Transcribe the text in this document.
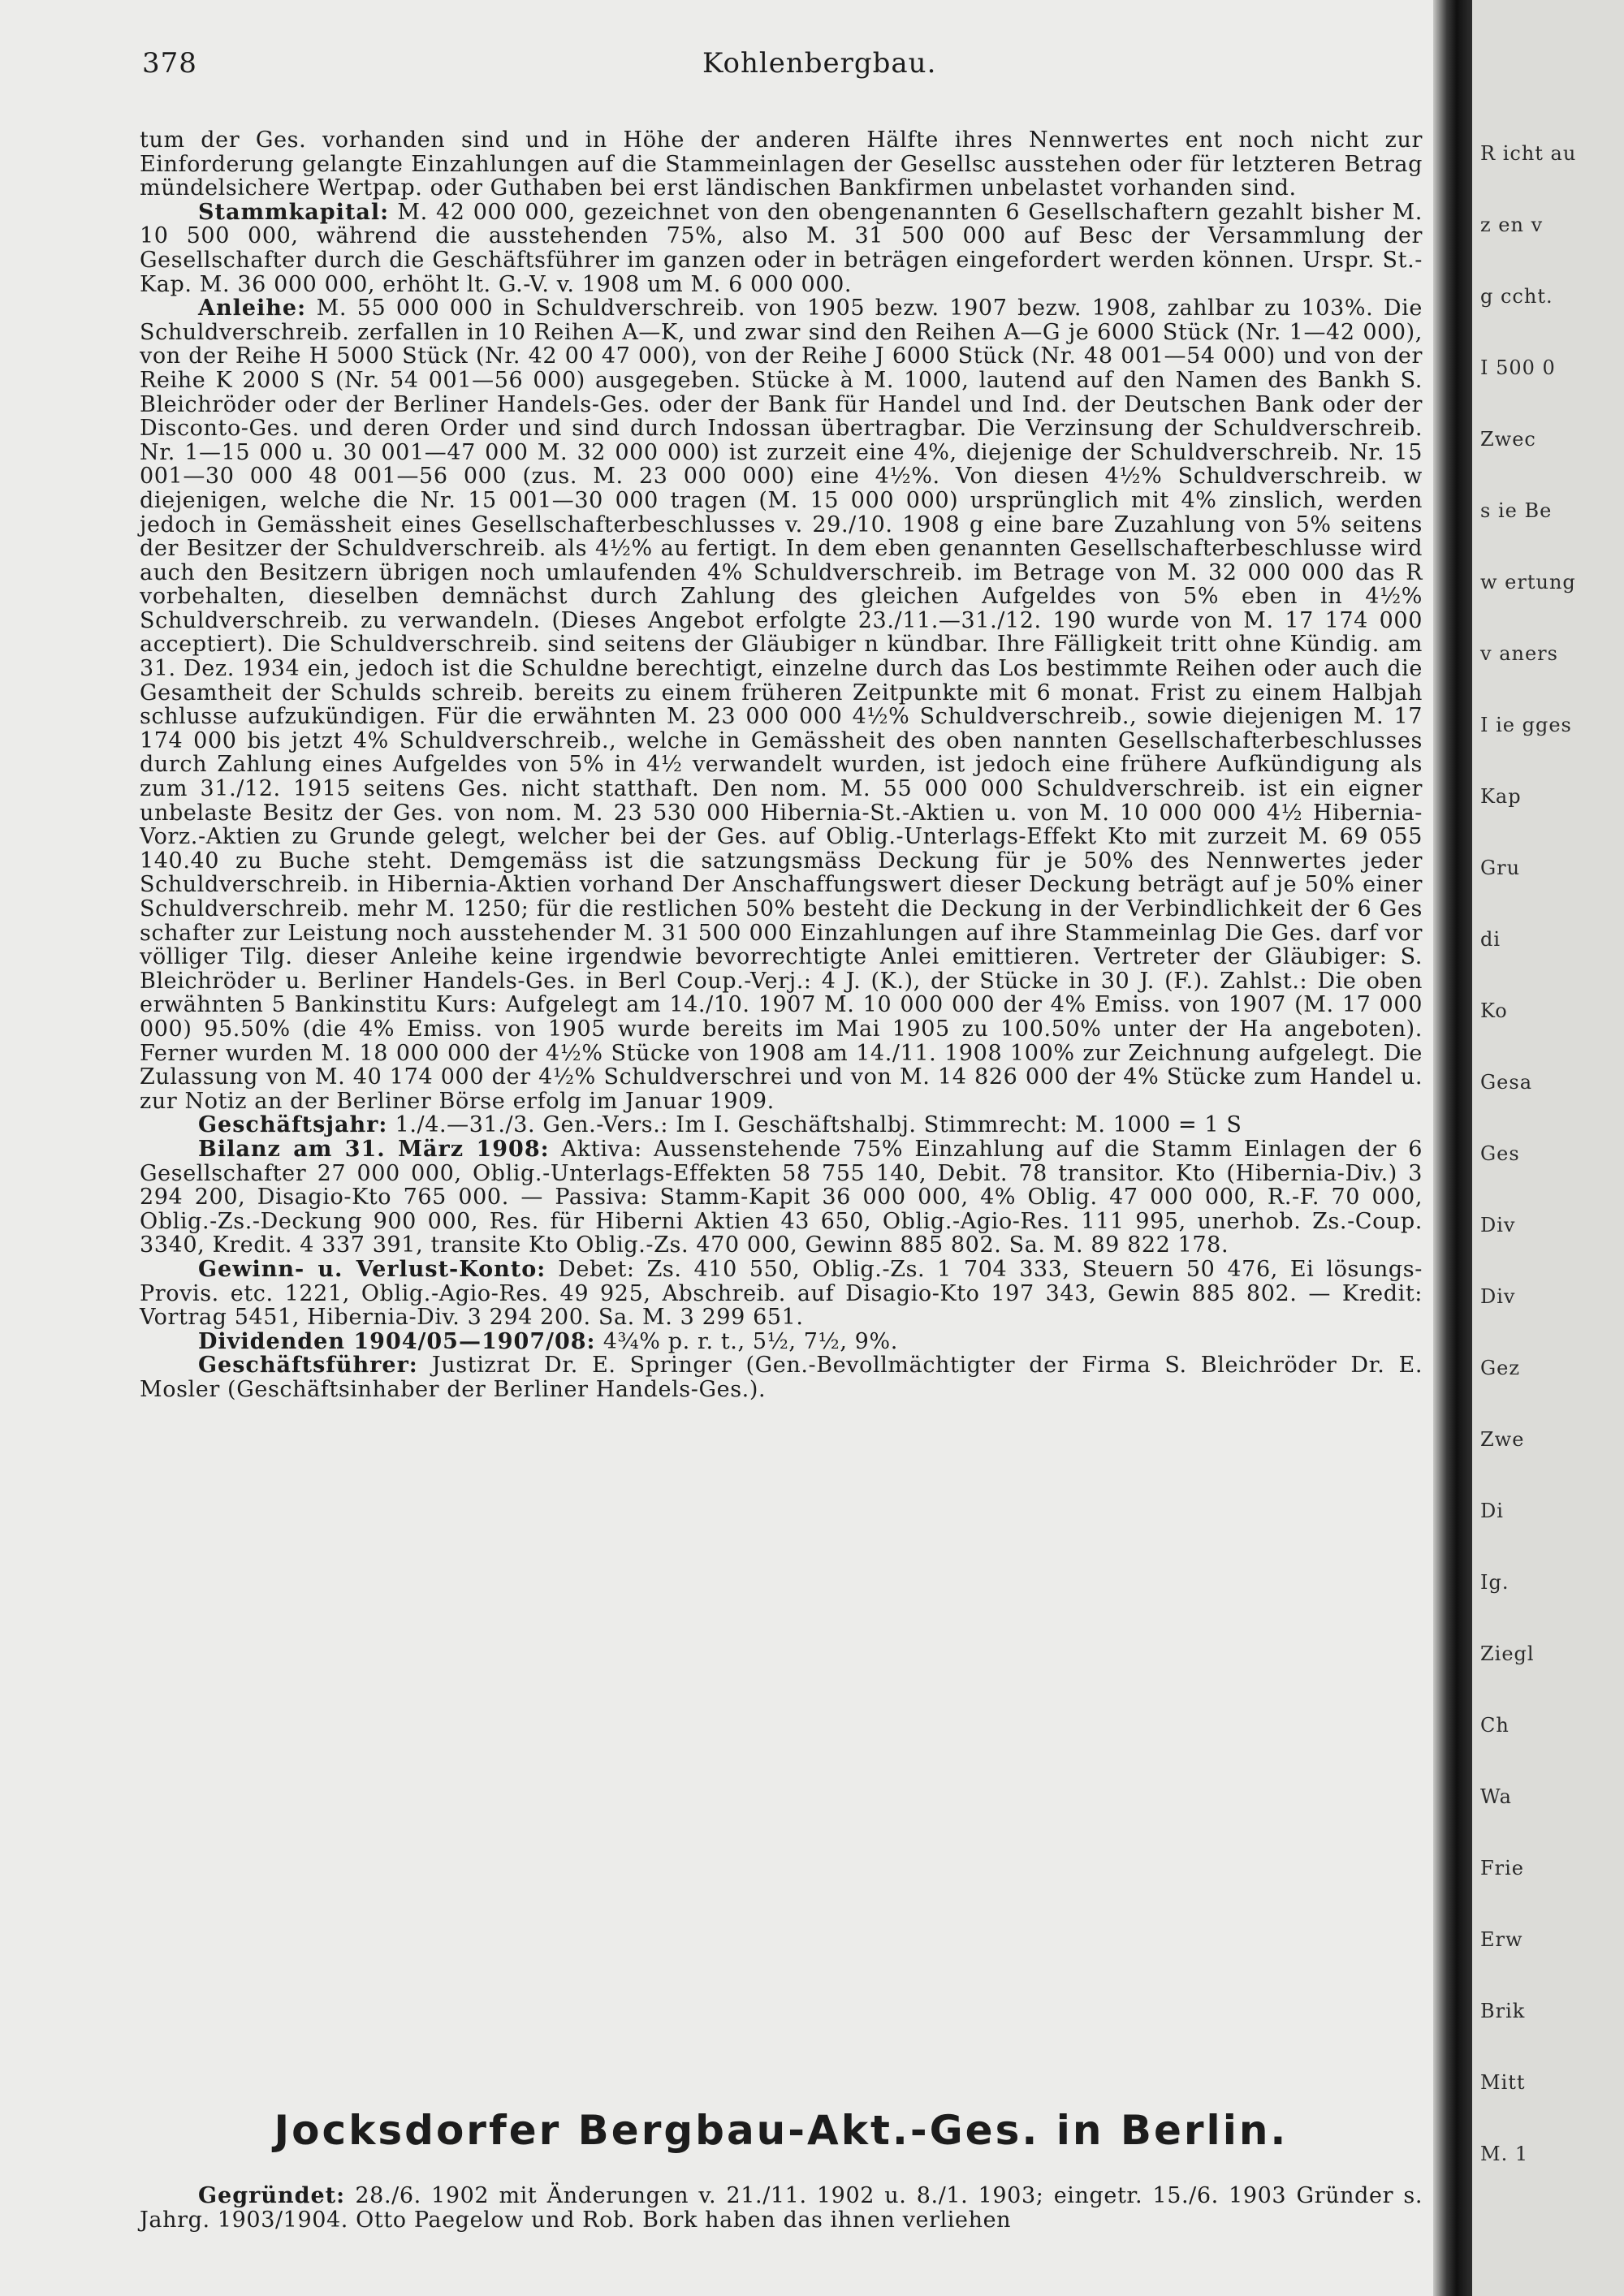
378	Kohlenbergbau.

tum der Ges. vorhanden sind und in Höhe der anderen Hälfte ihres Nennwertes ent noch nicht zur Einforderung gelangte Einzahlungen auf die Stammeinlagen der Gesellsc ausstehen oder für letzteren Betrag mündelsichere Wertpap. oder Guthaben bei erst ländischen Bankfirmen unbelastet vorhanden sind.

Stammkapital: M. 42 000 000, gezeichnet von den obengenannten 6 Gesellschaftern gezahlt bisher M. 10 500 000, während die ausstehenden 75%, also M. 31 500 000 auf Besc der Versammlung der Gesellschafter durch die Geschäftsführer im ganzen oder in beträgen eingefordert werden können. Urspr. St.-Kap. M. 36 000 000, erhöht lt. G.-V. v. 1908 um M. 6 000 000.

Anleihe: M. 55 000 000 in Schuldverschreib. von 1905 bezw. 1907 bezw. 1908, zahlbar zu 103%. Die Schuldverschreib. zerfallen in 10 Reihen A—K, und zwar sind den Reihen A—G je 6000 Stück (Nr. 1—42 000), von der Reihe H 5000 Stück (Nr. 42 00 47 000), von der Reihe J 6000 Stück (Nr. 48 001—54 000) und von der Reihe K 2000 S (Nr. 54 001—56 000) ausgegeben. Stücke à M. 1000, lautend auf den Namen des Bankh S. Bleichröder oder der Berliner Handels-Ges. oder der Bank für Handel und Ind. der Deutschen Bank oder der Disconto-Ges. und deren Order und sind durch Indossan übertragbar. Die Verzinsung der Schuldverschreib. Nr. 1—15 000 u. 30 001—47 000 M. 32 000 000) ist zurzeit eine 4%, diejenige der Schuldverschreib. Nr. 15 001—30 000 48 001—56 000 (zus. M. 23 000 000) eine 4½%. Von diesen 4½% Schuldverschreib. w diejenigen, welche die Nr. 15 001—30 000 tragen (M. 15 000 000) ursprünglich mit 4% zinslich, werden jedoch in Gemässheit eines Gesellschafterbeschlusses v. 29./10. 1908 g eine bare Zuzahlung von 5% seitens der Besitzer der Schuldverschreib. als 4½% au fertigt. In dem eben genannten Gesellschafterbeschlusse wird auch den Besitzern übrigen noch umlaufenden 4% Schuldverschreib. im Betrage von M. 32 000 000 das R vorbehalten, dieselben demnächst durch Zahlung des gleichen Aufgeldes von 5% eben in 4½% Schuldverschreib. zu verwandeln. (Dieses Angebot erfolgte 23./11.—31./12. 190 wurde von M. 17 174 000 acceptiert). Die Schuldverschreib. sind seitens der Gläubiger n kündbar. Ihre Fälligkeit tritt ohne Kündig. am 31. Dez. 1934 ein, jedoch ist die Schuldne berechtigt, einzelne durch das Los bestimmte Reihen oder auch die Gesamtheit der Schulds schreib. bereits zu einem früheren Zeitpunkte mit 6 monat. Frist zu einem Halbjah schlusse aufzukündigen. Für die erwähnten M. 23 000 000 4½% Schuldverschreib., sowie diejenigen M. 17 174 000 bis jetzt 4% Schuldverschreib., welche in Gemässheit des oben nannten Gesellschafterbeschlusses durch Zahlung eines Aufgeldes von 5% in 4½ verwandelt wurden, ist jedoch eine frühere Aufkündigung als zum 31./12. 1915 seitens Ges. nicht statthaft. Den nom. M. 55 000 000 Schuldverschreib. ist ein eigner unbelaste Besitz der Ges. von nom. M. 23 530 000 Hibernia-St.-Aktien u. von M. 10 000 000 4½ Hibernia-Vorz.-Aktien zu Grunde gelegt, welcher bei der Ges. auf Oblig.-Unterlags-Effekt Kto mit zurzeit M. 69 055 140.40 zu Buche steht. Demgemäss ist die satzungsmäss Deckung für je 50% des Nennwertes jeder Schuldverschreib. in Hibernia-Aktien vorhand Der Anschaffungswert dieser Deckung beträgt auf je 50% einer Schuldverschreib. mehr M. 1250; für die restlichen 50% besteht die Deckung in der Verbindlichkeit der 6 Ges schafter zur Leistung noch ausstehender M. 31 500 000 Einzahlungen auf ihre Stammeinlag Die Ges. darf vor völliger Tilg. dieser Anleihe keine irgendwie bevorrechtigte Anlei emittieren. Vertreter der Gläubiger: S. Bleichröder u. Berliner Handels-Ges. in Berl Coup.-Verj.: 4 J. (K.), der Stücke in 30 J. (F.). Zahlst.: Die oben erwähnten 5 Bankinstitu Kurs: Aufgelegt am 14./10. 1907 M. 10 000 000 der 4% Emiss. von 1907 (M. 17 000 000) 95.50% (die 4% Emiss. von 1905 wurde bereits im Mai 1905 zu 100.50% unter der Ha angeboten). Ferner wurden M. 18 000 000 der 4½% Stücke von 1908 am 14./11. 1908 100% zur Zeichnung aufgelegt. Die Zulassung von M. 40 174 000 der 4½% Schuldverschrei und von M. 14 826 000 der 4% Stücke zum Handel u. zur Notiz an der Berliner Börse erfolg im Januar 1909.

Geschäftsjahr: 1./4.—31./3. Gen.-Vers.: Im I. Geschäftshalbj. Stimmrecht: M. 1000 = 1 S

Bilanz am 31. März 1908: Aktiva: Aussenstehende 75% Einzahlung auf die Stamm Einlagen der 6 Gesellschafter 27 000 000, Oblig.-Unterlags-Effekten 58 755 140, Debit. 78 transitor. Kto (Hibernia-Div.) 3 294 200, Disagio-Kto 765 000. — Passiva: Stamm-Kapit 36 000 000, 4% Oblig. 47 000 000, R.-F. 70 000, Oblig.-Zs.-Deckung 900 000, Res. für Hiberni Aktien 43 650, Oblig.-Agio-Res. 111 995, unerhob. Zs.-Coup. 3340, Kredit. 4 337 391, transite Kto Oblig.-Zs. 470 000, Gewinn 885 802. Sa. M. 89 822 178.

Gewinn- u. Verlust-Konto: Debet: Zs. 410 550, Oblig.-Zs. 1 704 333, Steuern 50 476, Ei lösungs-Provis. etc. 1221, Oblig.-Agio-Res. 49 925, Abschreib. auf Disagio-Kto 197 343, Gewin 885 802. — Kredit: Vortrag 5451, Hibernia-Div. 3 294 200. Sa. M. 3 299 651.

Dividenden 1904/05—1907/08: 4¾% p. r. t., 5½, 7½, 9%.

Geschäftsführer: Justizrat Dr. E. Springer (Gen.-Bevollmächtigter der Firma S. Bleichröder Dr. E. Mosler (Geschäftsinhaber der Berliner Handels-Ges.).

Jocksdorfer Bergbau-Akt.-Ges. in Berlin.

Gegründet: 28./6. 1902 mit Änderungen v. 21./11. 1902 u. 8./1. 1903; eingetr. 15./6. 1903 Gründer s. Jahrg. 1903/1904. Otto Paegelow und Rob. Bork haben das ihnen verliehen

R icht au
z en v
g ccht.
I 500 0
Zwec
s ie Be
w ertung
v aners
I ie gges
Kap
Gru
di
Ko
Gesa
Ges
Div
Div
Gez
Zwe
Di
Ig.
Ziegl
Ch
Wa
Frie
Erw
Brik
Mitt
M. 1
